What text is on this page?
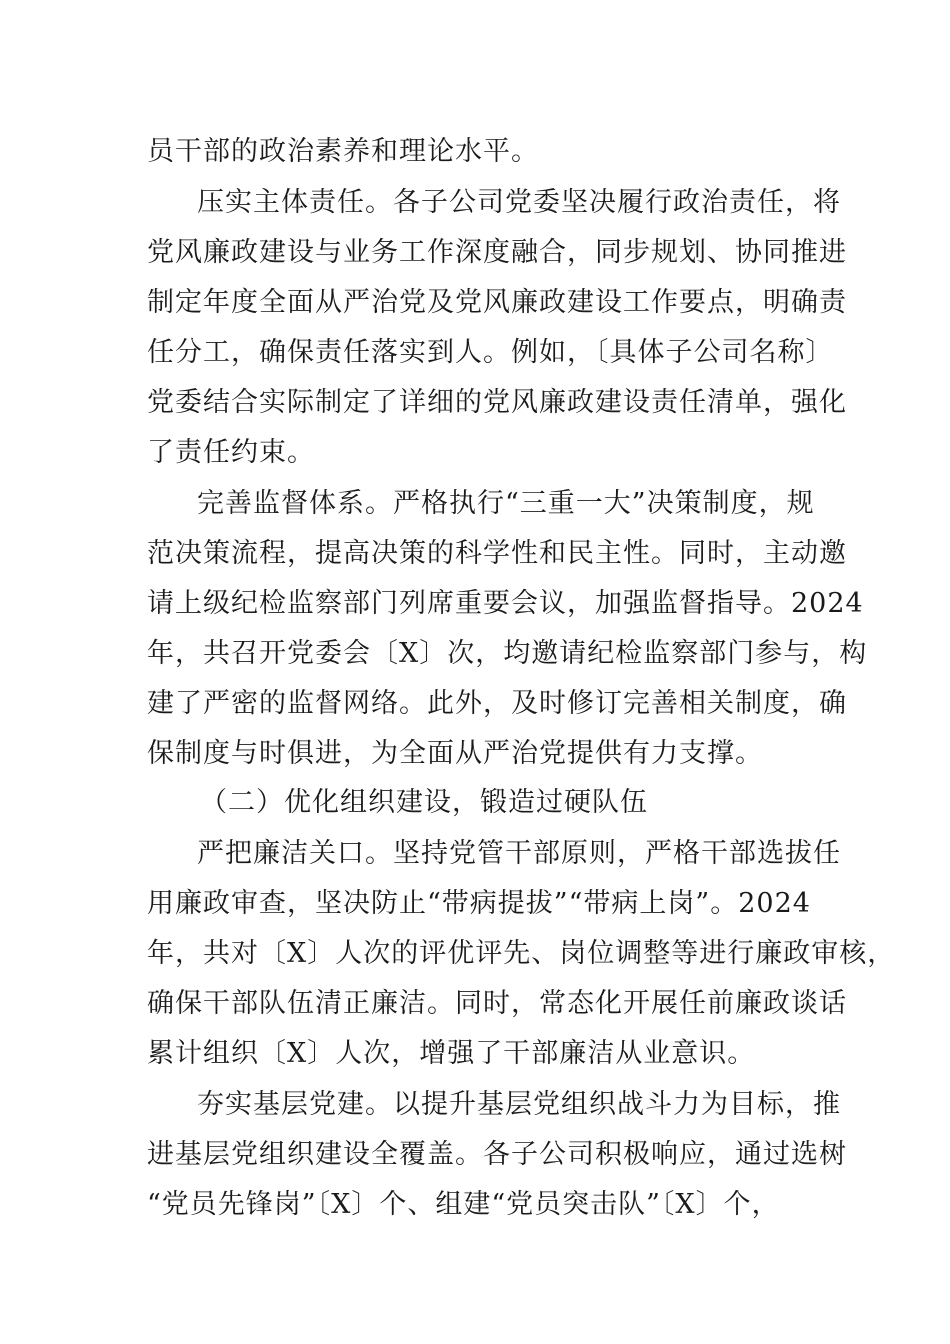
员干部的政治素养和理论水平。
压实主体责任。各子公司党委坚决履行政治责任，将
党风廉政建设与业务工作深度融合，同步规划、协同推进
制定年度全面从严治党及党风廉政建设工作要点，明确责
任分工，确保责任落实到人。例如，〔具体子公司名称〕
党委结合实际制定了详细的党风廉政建设责任清单，强化
了责任约束。
完善监督体系。严格执行“三重一大”决策制度，规
范决策流程，提高决策的科学性和民主性。同时，主动邀
请上级纪检监察部门列席重要会议，加强监督指导。2024
年，共召开党委会〔X〕次，均邀请纪检监察部门参与，构
建了严密的监督网络。此外，及时修订完善相关制度，确
保制度与时俱进，为全面从严治党提供有力支撑。
（二）优化组织建设，锻造过硬队伍
严把廉洁关口。坚持党管干部原则，严格干部选拔任
用廉政审查，坚决防止“带病提拔”“带病上岗”。2024
年，共对〔X〕人次的评优评先、岗位调整等进行廉政审核，
确保干部队伍清正廉洁。同时，常态化开展任前廉政谈话
累计组织〔X〕人次，增强了干部廉洁从业意识。
夯实基层党建。以提升基层党组织战斗力为目标，推
进基层党组织建设全覆盖。各子公司积极响应，通过选树
“党员先锋岗”〔X〕个、组建“党员突击队”〔X〕个，
